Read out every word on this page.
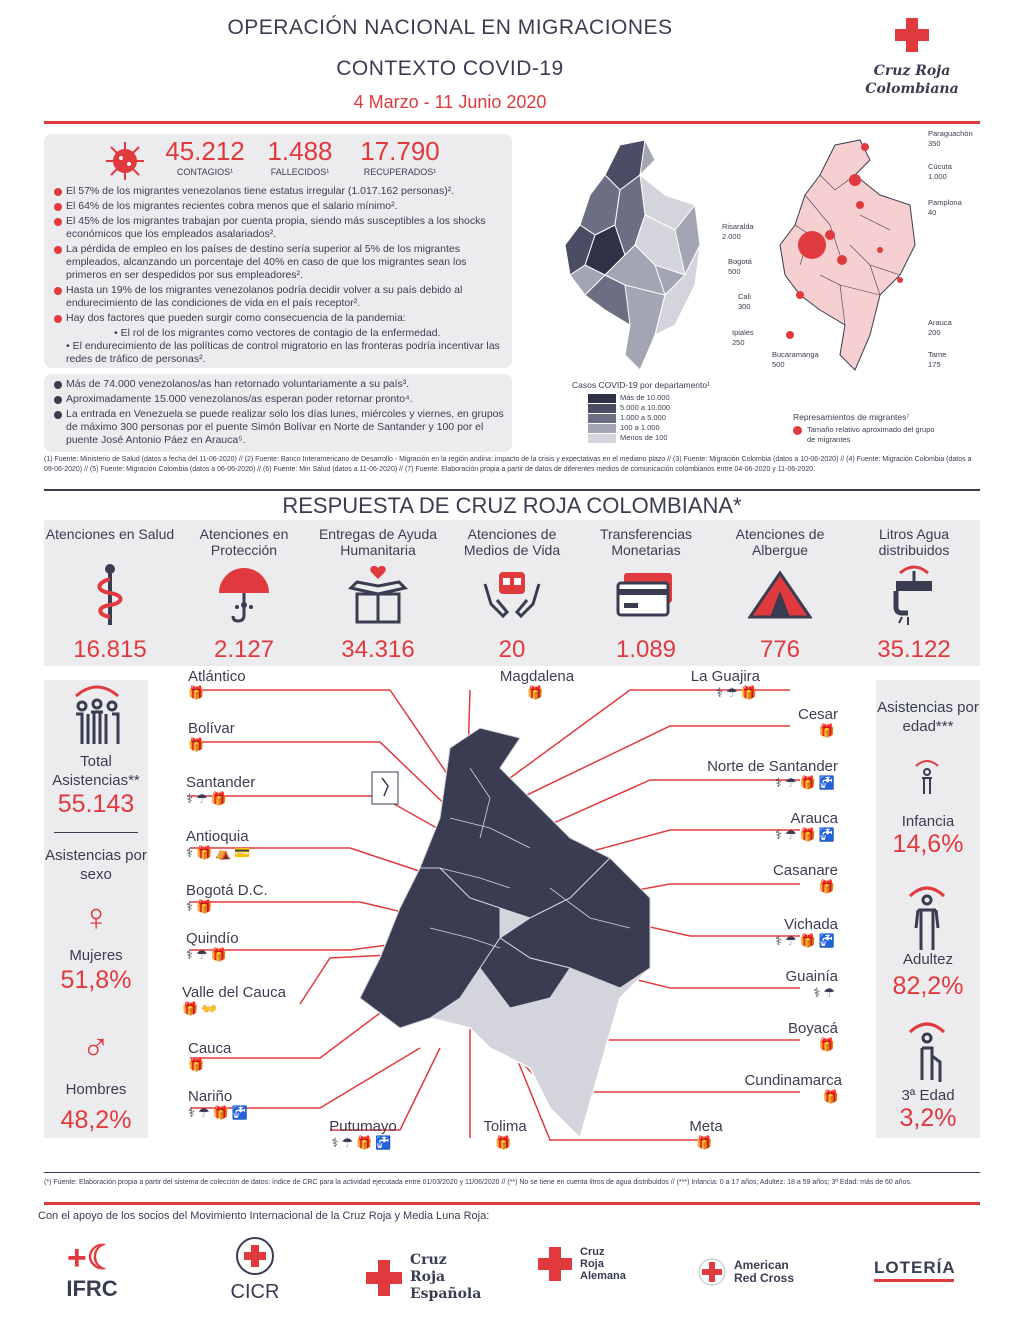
OPERACIÓN NACIONAL EN MIGRACIONES
CONTEXTO COVID-19
4 Marzo - 11 Junio 2020
Cruz Roja
Colombiana
45.212
CONTAGIOS¹
1.488
FALLECIDOS¹
17.790
RECUPERADOS¹
El 57% de los migrantes venezolanos tiene estatus irregular (1.017.162 personas)².
El 64% de los migrantes recientes cobra menos que el salario mínimo².
El 45% de los migrantes trabajan por cuenta propia, siendo más susceptibles a los shocks económicos que los empleados asalariados².
La pérdida de empleo en los países de destino sería superior al 5% de los migrantes empleados, alcanzando un porcentaje del 40% en caso de que los migrantes sean los primeros en ser despedidos por sus empleadores².
Hasta un 19% de los migrantes venezolanos podría decidir volver a su país debido al endurecimiento de las condiciones de vida en el país receptor².
Hay dos factores que pueden surgir como consecuencia de la pandemia:
• El rol de los migrantes como vectores de contagio de la enfermedad.
• El endurecimiento de las políticas de control migratorio en las fronteras podría incentivar las redes de tráfico de personas².
Más de 74.000 venezolanos/as han retornado voluntariamente a su país³.
Aproximadamente 15.000 venezolanos/as esperan poder retornar pronto⁴.
La entrada en Venezuela se puede realizar solo los días lunes, miércoles y viernes, en grupos de máximo 300 personas por el puente Simón Bolívar en Norte de Santander y 100 por el puente José Antonio Páez en Arauca⁵.
Paraguachón
350
Cúcuta
1.000
Pamplona
40
Risaralda
2.000
Bogotá
500
Cali
300
Ipiales
250
Arauca
200
Tame
175
Bucaramanga
500
Casos COVID-19 por departamento¹
Más de 10.000
5.000 a 10.000
1.000 a 5.000
100 a 1.000
Menos de 100
Represamientos de migrantes⁷
Tamaño relativo aproximado del grupo de migrantes
(1) Fuente: Ministerio de Salud (datos a fecha del 11-06-2020) // (2) Fuente: Banco Interamericano de Desarrollo - Migración en la región andina: impacto de la crisis y expectativas en el mediano plazo // (3) Fuente: Migración Colombia (datos a 10-06-2020) // (4) Fuente: Migración Colombia (datos a 09-06-2020) // (5) Fuente: Migración Colombia (datos a 06-06-2020) // (6) Fuente: Min Salud (datos a 11-06-2020) // (7) Fuente: Elaboración propia a partir de datos de diferentes medios de comunicación colombianos entre 04-06-2020 y 11-06-2020.
RESPUESTA DE CRUZ ROJA COLOMBIANA*
Atenciones en Salud
16.815
Atenciones en Protección
2.127
Entregas de Ayuda Humanitaria
34.316
Atenciones de Medios de Vida
20
Transferencias Monetarias
1.089
Atenciones de Albergue
776
Litros Agua distribuidos
35.122
Total Asistencias**
55.143
Asistencias por sexo
♀
Mujeres
51,8%
♂
Hombres
48,2%
Asistencias por edad***
Infancia
14,6%
Adultez
82,2%
3ª Edad
3,2%
Atlántico
🎁
Bolívar
🎁
Santander
⚕☂🎁
Antioquia
⚕🎁⛺💳
Bogotá D.C.
⚕🎁
Quindío
⚕☂🎁
Valle del Cauca
🎁👐
Cauca
🎁
Nariño
⚕☂🎁🚰
La Guajira
⚕☂🎁
Cesar
🎁
Norte de Santander
⚕☂🎁🚰
Arauca
⚕☂🎁🚰
Casanare
🎁
Vichada
⚕☂🎁🚰
Guainía
⚕☂
Boyacá
🎁
Cundinamarca
🎁
Magdalena
🎁
Putumayo
⚕☂🎁🚰
Tolima
🎁
Meta
🎁
(*) Fuente: Elaboración propia a partir del sistema de colección de datos: índice de CRC para la actividad ejecutada entre 01/03/2020 y 11/06/2020 // (**) No se tiene en cuenta litros de agua distribuidos // (***) Infancia: 0 a 17 años; Adultez: 18 a 59 años; 3ª Edad: más de 60 años.
Con el apoyo de los socios del Movimiento Internacional de la Cruz Roja y Media Luna Roja:
+☾
IFRC	CICR
Cruz Roja Española
Cruz Roja Alemana
American Red Cross
LOTERÍA
